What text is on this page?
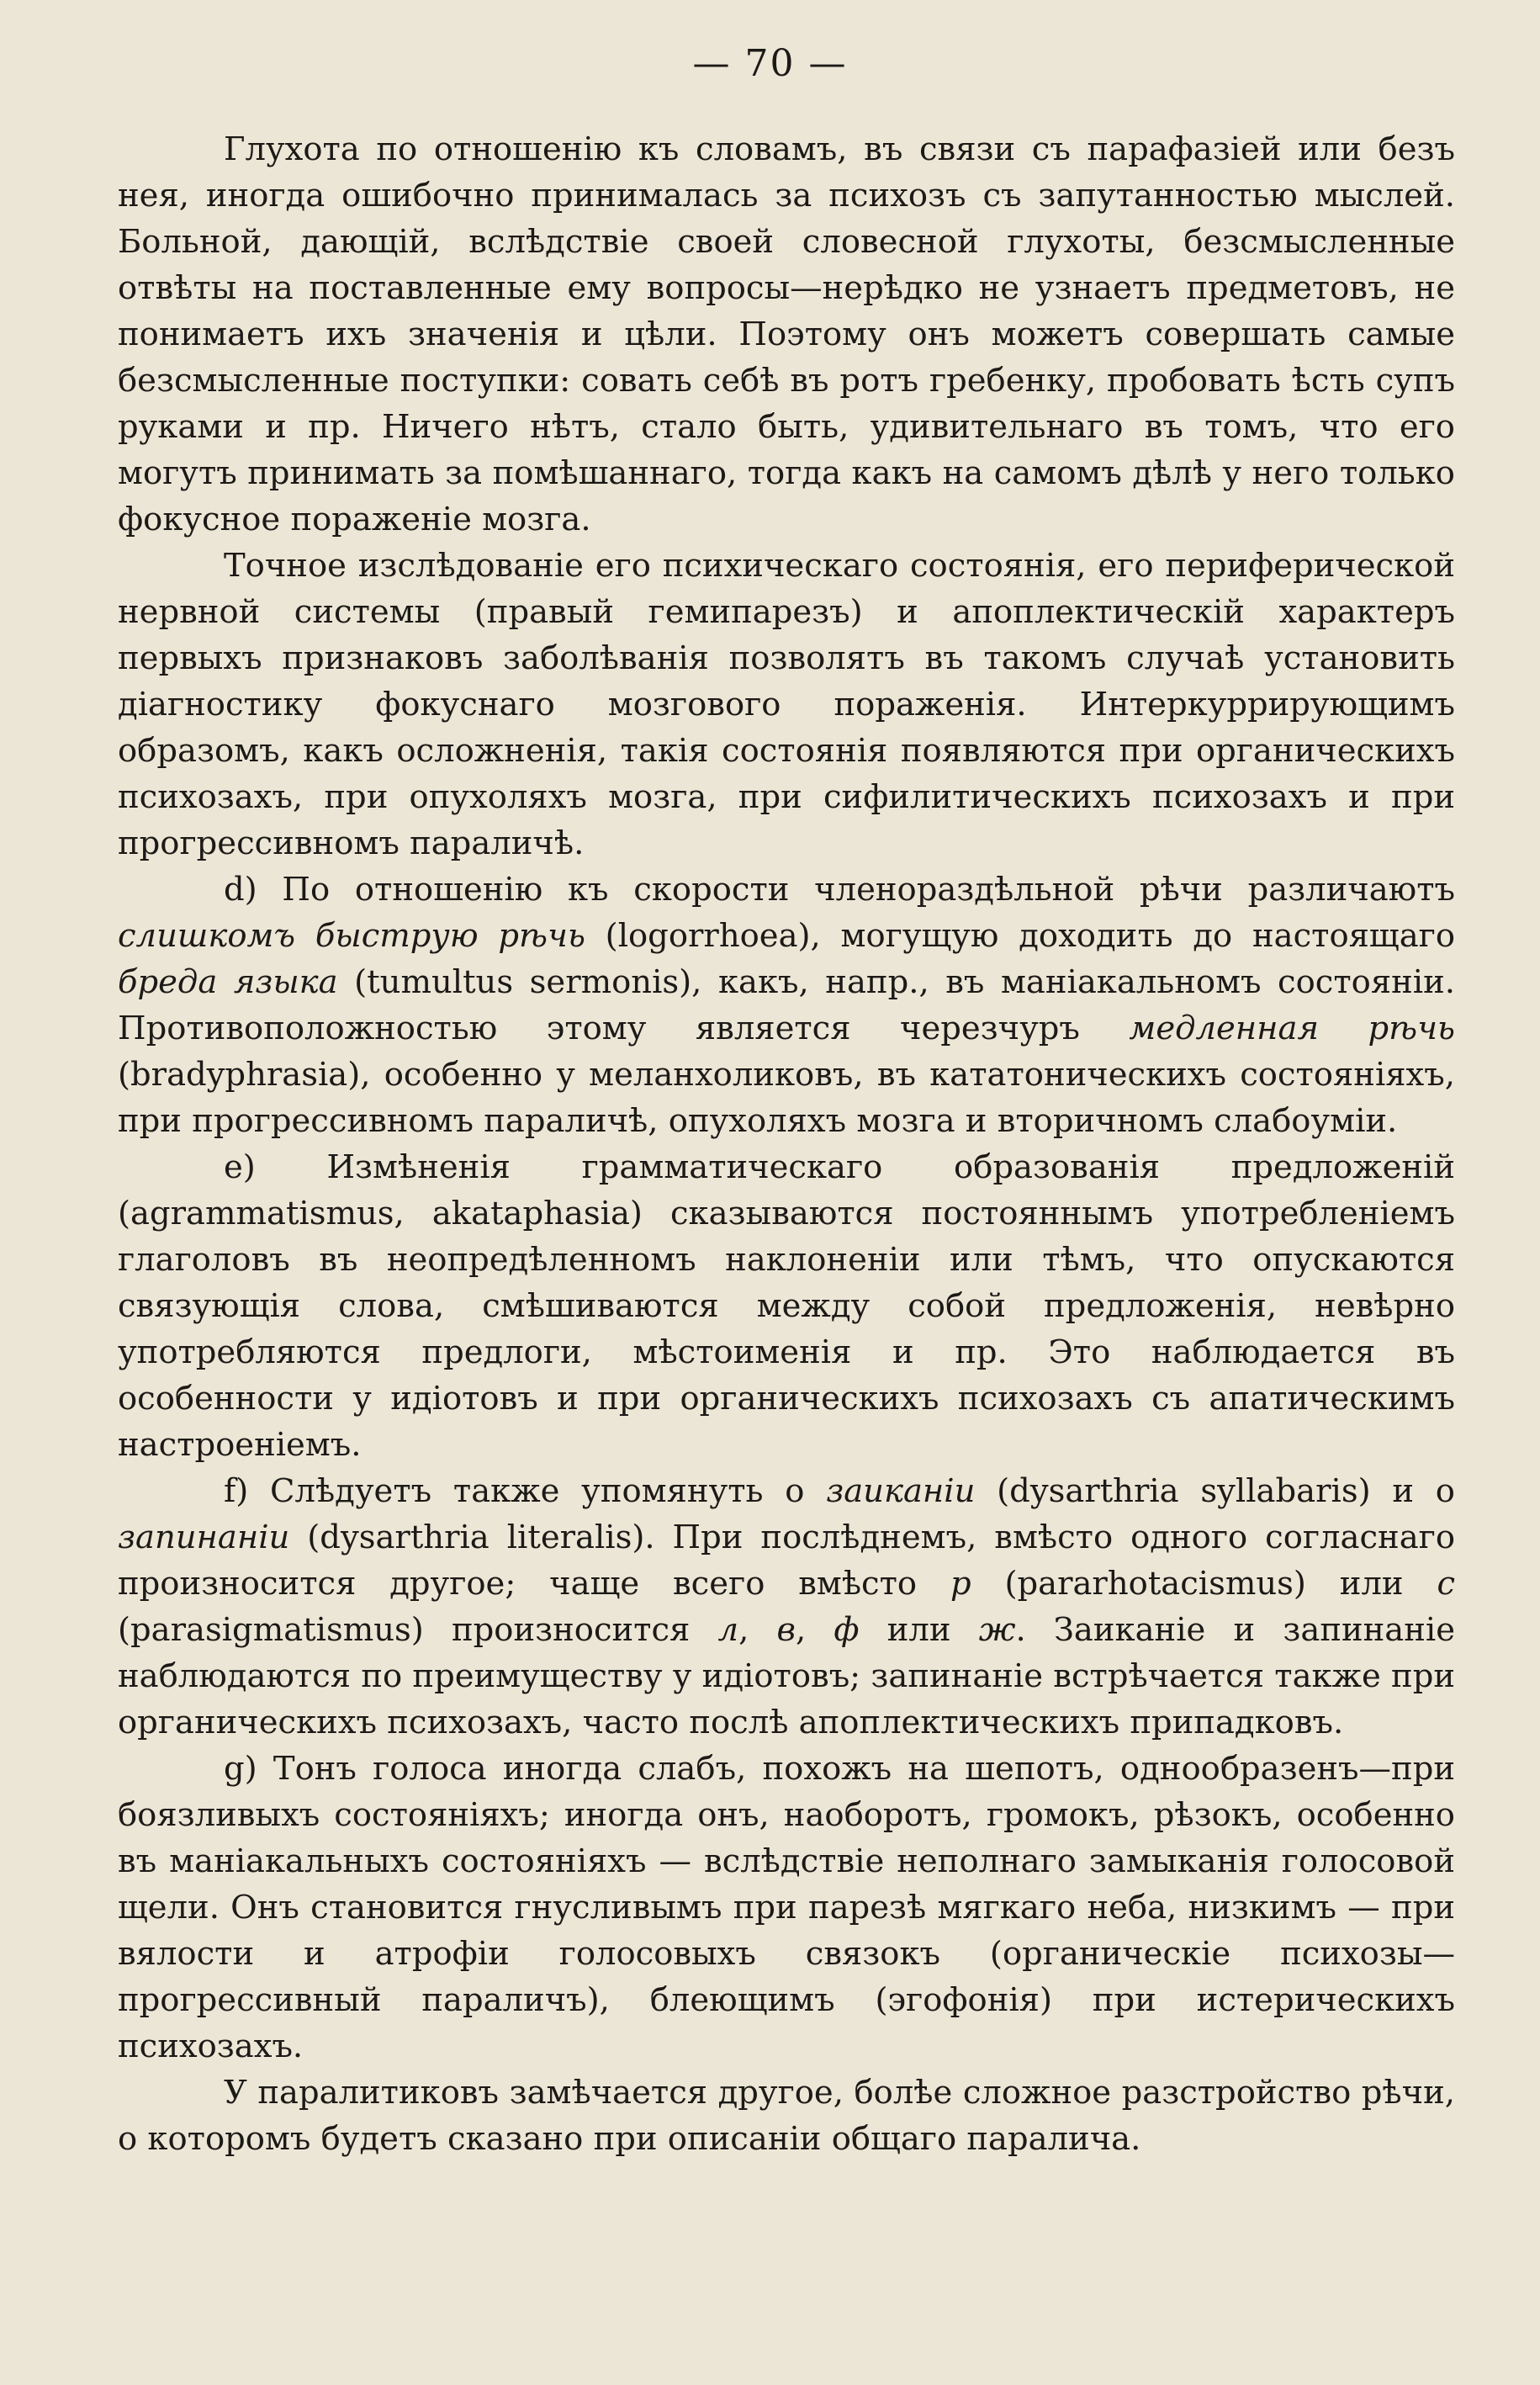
— 70 —

Глухота по отношенію къ словамъ, въ связи съ парафазіей или безъ нея, иногда ошибочно принималась за психозъ съ запутанностью мыслей. Больной, дающій, вслѣдствіе своей словесной глухоты, безсмысленные отвѣты на поставленные ему вопросы—нерѣдко не узнаетъ предметовъ, не понимаетъ ихъ значенія и цѣли. Поэтому онъ можетъ совершать самые безсмысленные поступки: совать себѣ въ ротъ гребенку, пробовать ѣсть супъ руками и пр. Ничего нѣтъ, стало быть, удивительнаго въ томъ, что его могутъ принимать за помѣшаннаго, тогда какъ на самомъ дѣлѣ у него только фокусное пораженіе мозга.

Точное изслѣдованіе его психическаго состоянія, его периферической нервной системы (правый гемипарезъ) и апоплектическій характеръ первыхъ признаковъ заболѣванія позволятъ въ такомъ случаѣ установить діагностику фокуснаго мозгового пораженія. Интеркуррирующимъ образомъ, какъ осложненія, такія состоянія появляются при органическихъ психозахъ, при опухоляхъ мозга, при сифилитическихъ психозахъ и при прогрессивномъ параличѣ.

d) По отношенію къ скорости членораздѣльной рѣчи различаютъ слишкомъ быструю рѣчь (logorrhoea), могущую доходить до настоящаго бреда языка (tumultus sermonis), какъ, напр., въ маніакальномъ состояніи. Противоположностью этому является черезчуръ медленная рѣчь (bradyphrasia), особенно у меланхоликовъ, въ кататоническихъ состояніяхъ, при прогрессивномъ параличѣ, опухоляхъ мозга и вторичномъ слабоуміи.

e) Измѣненія грамматическаго образованія предложеній (agrammatismus, akataphasia) сказываются постояннымъ употребленіемъ глаголовъ въ неопредѣленномъ наклоненіи или тѣмъ, что опускаются связующія слова, смѣшиваются между собой предложенія, невѣрно употребляются предлоги, мѣстоименія и пр. Это наблюдается въ особенности у идіотовъ и при органическихъ психозахъ съ апатическимъ настроеніемъ.

f) Слѣдуетъ также упомянуть о заиканіи (dysarthria syllabaris) и о запинаніи (dysarthria literalis). При послѣднемъ, вмѣсто одного согласнаго произносится другое; чаще всего вмѣсто р (pararhotacismus) или с (parasigmatismus) произносится л, в, ф или ж. Заиканіе и запинаніе наблюдаются по преимуществу у идіотовъ; запинаніе встрѣчается также при органическихъ психозахъ, часто послѣ апоплектическихъ припадковъ.

g) Тонъ голоса иногда слабъ, похожъ на шепотъ, однообразенъ—при боязливыхъ состояніяхъ; иногда онъ, наоборотъ, громокъ, рѣзокъ, особенно въ маніакальныхъ состояніяхъ — вслѣдствіе неполнаго замыканія голосовой щели. Онъ становится гнусливымъ при парезѣ мягкаго неба, низкимъ — при вялости и атрофіи голосовыхъ связокъ (органическіе психозы—прогрессивный параличъ), блеющимъ (эгофонія) при истерическихъ психозахъ.

У паралитиковъ замѣчается другое, болѣе сложное разстройство рѣчи, о которомъ будетъ сказано при описаніи общаго паралича.
